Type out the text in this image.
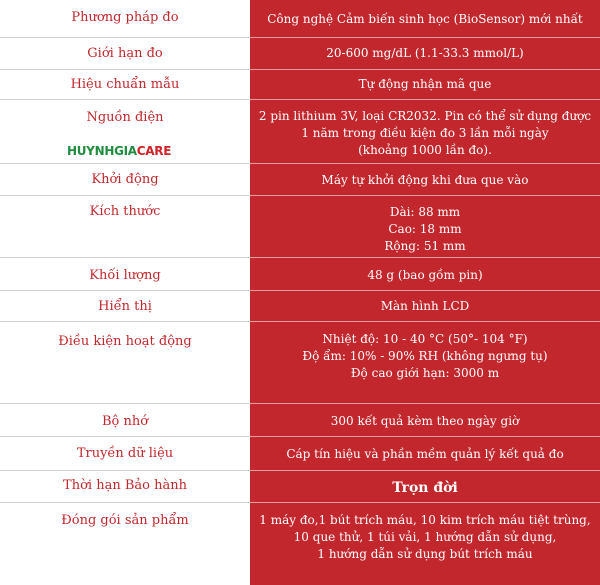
Phương pháp đo	Công nghệ Cảm biến sinh học (BioSensor) mới nhất
Giới hạn đo	20-600 mg/dL (1.1-33.3 mmol/L)
Hiệu chuẩn mẫu	Tự động nhận mã que
Nguồn điện	2 pin lithium 3V, loại CR2032. Pin có thể sử dụng được
1 năm trong điều kiện đo 3 lần mỗi ngày
(khoảng 1000 lần đo).
Khởi động	Máy tự khởi động khi đưa que vào
Kích thước	Dài: 88 mm
Cao: 18 mm
Rộng: 51 mm
Khối lượng	48 g (bao gồm pin)
Hiển thị	Màn hình LCD
Điều kiện hoạt động	Nhiệt độ: 10 - 40 °C (50°- 104 °F)
Độ ẩm: 10% - 90% RH (không ngưng tụ)
Độ cao giới hạn: 3000 m
Bộ nhớ	300 kết quả kèm theo ngày giờ
Truyền dữ liệu	Cáp tín hiệu và phần mềm quản lý kết quả đo
Thời hạn Bảo hành	Trọn đời
Đóng gói sản phẩm	1 máy đo,1 bút trích máu, 10 kim trích máu tiệt trùng,
10 que thử, 1 túi vải, 1 hướng dẫn sử dụng,
1 hướng dẫn sử dụng bút trích máu
HUYNHGIACARE
